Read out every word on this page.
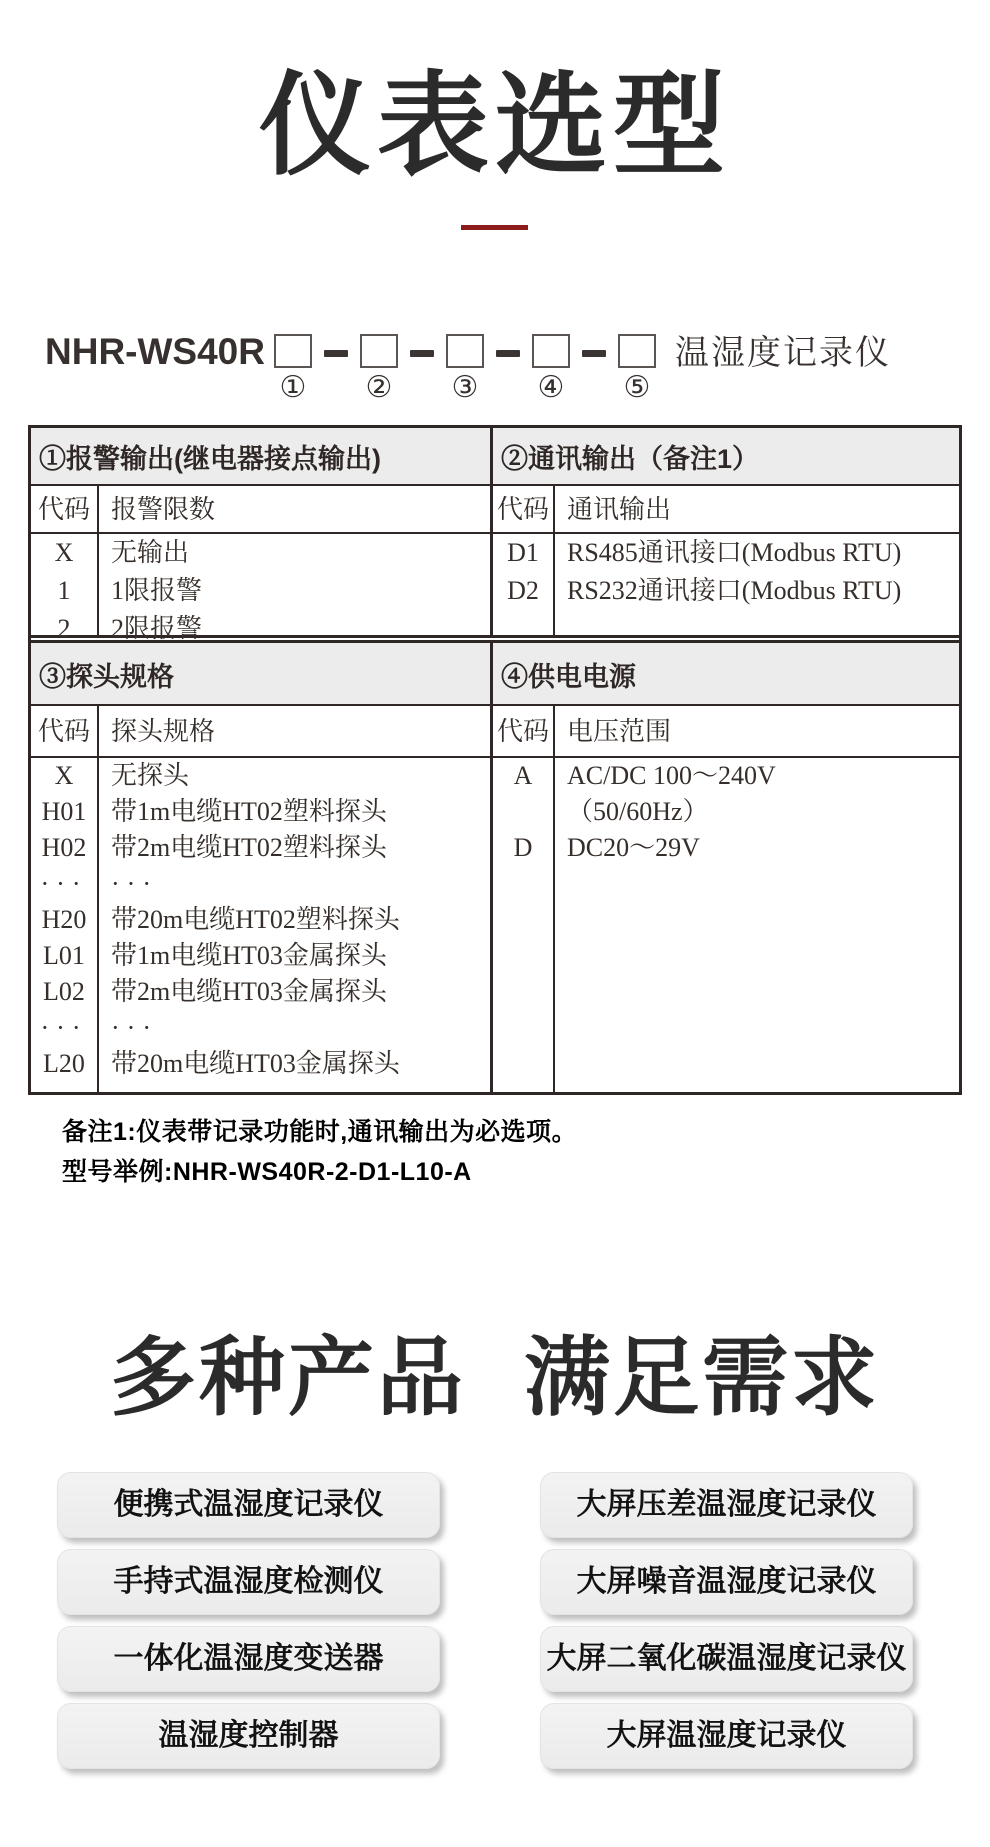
仪表选型
NHR-WS40R
① ② ③ ④ ⑤
温湿度记录仪
①报警输出(继电器接点输出)
代码
X
1
2
报警限数
无输出
1限报警
2限报警
②通讯输出（备注1）
代码
D1
D2
通讯输出
RS485通讯接口(Modbus RTU)
RS232通讯接口(Modbus RTU)
③探头规格
代码
X
H01
H02
···
H20
L01
L02
···
L20
探头规格
无探头
带1m电缆HT02塑料探头
带2m电缆HT02塑料探头
···
带20m电缆HT02塑料探头
带1m电缆HT03金属探头
带2m电缆HT03金属探头
···
带20m电缆HT03金属探头
④供电电源
代码
A
D
电压范围
AC/DC 100～240V
（50/60Hz）
DC20～29V
备注1:仪表带记录功能时,通讯输出为必选项。
型号举例:NHR-WS40R-2-D1-L10-A
多种产品 满足需求
便携式温湿度记录仪
手持式温湿度检测仪
一体化温湿度变送器
温湿度控制器
大屏压差温湿度记录仪
大屏噪音温湿度记录仪
大屏二氧化碳温湿度记录仪
大屏温湿度记录仪
